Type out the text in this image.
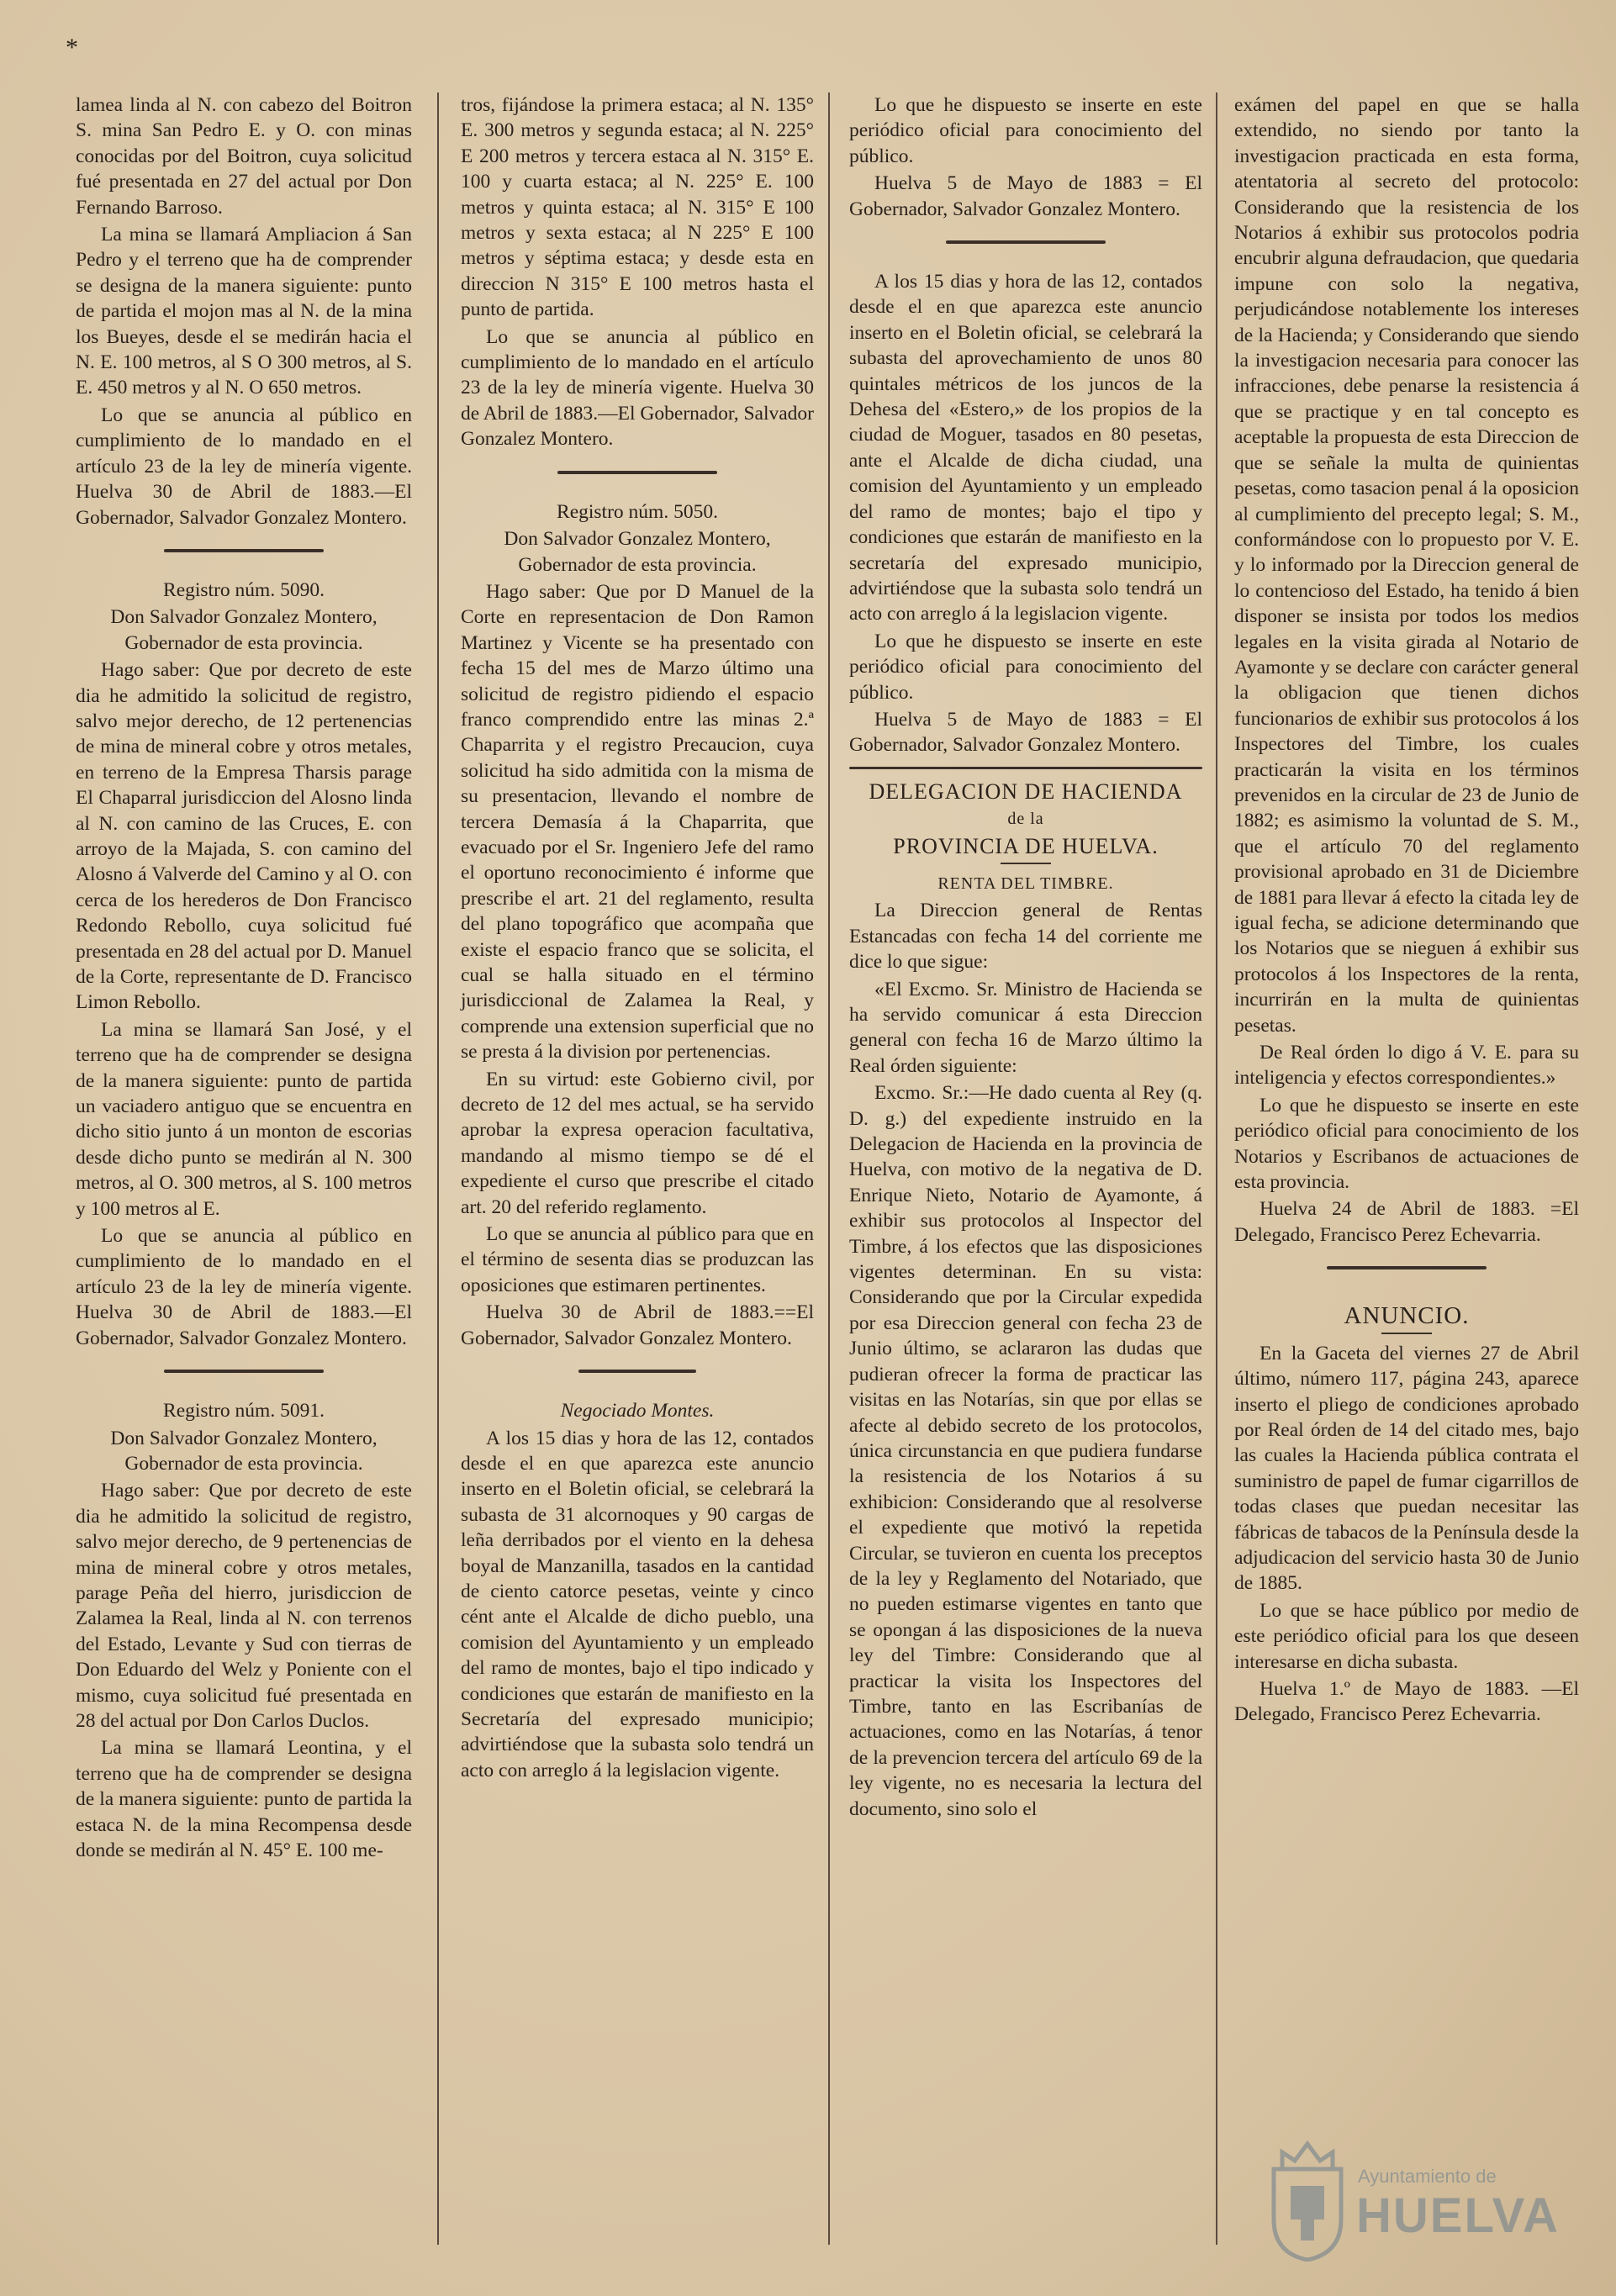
*

lamea linda al N. con cabezo del Boitron S. mina San Pedro E. y O. con minas conocidas por del Boitron, cuya solicitud fué presentada en 27 del actual por Don Fernando Barroso.

La mina se llamará Ampliacion á San Pedro y el terreno que ha de comprender se designa de la manera siguiente: punto de partida el mojon mas al N. de la mina los Bueyes, desde el se medirán hacia el N. E. 100 metros, al S O 300 metros, al S. E. 450 metros y al N. O 650 metros.

Lo que se anuncia al público en cumplimiento de lo mandado en el artículo 23 de la ley de minería vigente. Huelva 30 de Abril de 1883.—El Gobernador, Salvador Gonzalez Montero.

Registro núm. 5090.

Don Salvador Gonzalez Montero, Gobernador de esta provincia.

Hago saber: Que por decreto de este dia he admitido la solicitud de registro, salvo mejor derecho, de 12 pertenencias de mina de mineral cobre y otros metales, en terreno de la Empresa Tharsis parage El Chaparral jurisdiccion del Alosno linda al N. con camino de las Cruces, E. con arroyo de la Majada, S. con camino del Alosno á Valverde del Camino y al O. con cerca de los herederos de Don Francisco Redondo Rebollo, cuya solicitud fué presentada en 28 del actual por D. Manuel de la Corte, representante de D. Francisco Limon Rebollo.

La mina se llamará San José, y el terreno que ha de comprender se designa de la manera siguiente: punto de partida un vaciadero antiguo que se encuentra en dicho sitio junto á un monton de escorias desde dicho punto se medirán al N. 300 metros, al O. 300 metros, al S. 100 metros y 100 metros al E.

Lo que se anuncia al público en cumplimiento de lo mandado en el artículo 23 de la ley de minería vigente. Huelva 30 de Abril de 1883.—El Gobernador, Salvador Gonzalez Montero.

Registro núm. 5091.

Don Salvador Gonzalez Montero, Gobernador de esta provincia.

Hago saber: Que por decreto de este dia he admitido la solicitud de registro, salvo mejor derecho, de 9 pertenencias de mina de mineral cobre y otros metales, parage Peña del hierro, jurisdiccion de Zalamea la Real, linda al N. con terrenos del Estado, Levante y Sud con tierras de Don Eduardo del Welz y Poniente con el mismo, cuya solicitud fué presentada en 28 del actual por Don Carlos Duclos.

La mina se llamará Leontina, y el terreno que ha de comprender se designa de la manera siguiente: punto de partida la estaca N. de la mina Recompensa desde donde se medirán al N. 45° E. 100 me-

tros, fijándose la primera estaca; al N. 135° E. 300 metros y segunda estaca; al N. 225° E 200 metros y tercera estaca al N. 315° E. 100 y cuarta estaca; al N. 225° E. 100 metros y quinta estaca; al N. 315° E 100 metros y sexta estaca; al N 225° E 100 metros y séptima estaca; y desde esta en direccion N 315° E 100 metros hasta el punto de partida.

Lo que se anuncia al público en cumplimiento de lo mandado en el artículo 23 de la ley de minería vigente. Huelva 30 de Abril de 1883.—El Gobernador, Salvador Gonzalez Montero.

Registro núm. 5050.

Don Salvador Gonzalez Montero, Gobernador de esta provincia.

Hago saber: Que por D Manuel de la Corte en representacion de Don Ramon Martinez y Vicente se ha presentado con fecha 15 del mes de Marzo último una solicitud de registro pidiendo el espacio franco comprendido entre las minas 2.ª Chaparrita y el registro Precaucion, cuya solicitud ha sido admitida con la misma de su presentacion, llevando el nombre de tercera Demasía á la Chaparrita, que evacuado por el Sr. Ingeniero Jefe del ramo el oportuno reconocimiento é informe que prescribe el art. 21 del reglamento, resulta del plano topográfico que acompaña que existe el espacio franco que se solicita, el cual se halla situado en el término jurisdiccional de Zalamea la Real, y comprende una extension superficial que no se presta á la division por pertenencias.

En su virtud: este Gobierno civil, por decreto de 12 del mes actual, se ha servido aprobar la expresa operacion facultativa, mandando al mismo tiempo se dé el expediente el curso que prescribe el citado art. 20 del referido reglamento.

Lo que se anuncia al público para que en el término de sesenta dias se produzcan las oposiciones que estimaren pertinentes.

Huelva 30 de Abril de 1883.==El Gobernador, Salvador Gonzalez Montero.

Negociado Montes.

A los 15 dias y hora de las 12, contados desde el en que aparezca este anuncio inserto en el Boletin oficial, se celebrará la subasta de 31 alcornoques y 90 cargas de leña derribados por el viento en la dehesa boyal de Manzanilla, tasados en la cantidad de ciento catorce pesetas, veinte y cinco cént ante el Alcalde de dicho pueblo, una comision del Ayuntamiento y un empleado del ramo de montes, bajo el tipo indicado y condiciones que estarán de manifiesto en la Secretaría del expresado municipio; advirtiéndose que la subasta solo tendrá un acto con arreglo á la legislacion vigente.

Lo que he dispuesto se inserte en este periódico oficial para conocimiento del público.

Huelva 5 de Mayo de 1883 = El Gobernador, Salvador Gonzalez Montero.

A los 15 dias y hora de las 12, contados desde el en que aparezca este anuncio inserto en el Boletin oficial, se celebrará la subasta del aprovechamiento de unos 80 quintales métricos de los juncos de la Dehesa del «Estero,» de los propios de la ciudad de Moguer, tasados en 80 pesetas, ante el Alcalde de dicha ciudad, una comision del Ayuntamiento y un empleado del ramo de montes; bajo el tipo y condiciones que estarán de manifiesto en la secretaría del expresado municipio, advirtiéndose que la subasta solo tendrá un acto con arreglo á la legislacion vigente.

Lo que he dispuesto se inserte en este periódico oficial para conocimiento del público.

Huelva 5 de Mayo de 1883 = El Gobernador, Salvador Gonzalez Montero.

DELEGACION DE HACIENDA

de la

PROVINCIA DE HUELVA.

RENTA DEL TIMBRE.

La Direccion general de Rentas Estancadas con fecha 14 del corriente me dice lo que sigue:

«El Excmo. Sr. Ministro de Hacienda se ha servido comunicar á esta Direccion general con fecha 16 de Marzo último la Real órden siguiente:

Excmo. Sr.:—He dado cuenta al Rey (q. D. g.) del expediente instruido en la Delegacion de Hacienda en la provincia de Huelva, con motivo de la negativa de D. Enrique Nieto, Notario de Ayamonte, á exhibir sus protocolos al Inspector del Timbre, á los efectos que las disposiciones vigentes determinan. En su vista: Considerando que por la Circular expedida por esa Direccion general con fecha 23 de Junio último, se aclararon las dudas que pudieran ofrecer la forma de practicar las visitas en las Notarías, sin que por ellas se afecte al debido secreto de los protocolos, única circunstancia en que pudiera fundarse la resistencia de los Notarios á su exhibicion: Considerando que al resolverse el expediente que motivó la repetida Circular, se tuvieron en cuenta los preceptos de la ley y Reglamento del Notariado, que no pueden estimarse vigentes en tanto que se opongan á las disposiciones de la nueva ley del Timbre: Considerando que al practicar la visita los Inspectores del Timbre, tanto en las Escribanías de actuaciones, como en las Notarías, á tenor de la prevencion tercera del artículo 69 de la ley vigente, no es necesaria la lectura del documento, sino solo el

exámen del papel en que se halla extendido, no siendo por tanto la investigacion practicada en esta forma, atentatoria al secreto del protocolo: Considerando que la resistencia de los Notarios á exhibir sus protocolos podria encubrir alguna defraudacion, que quedaria impune con solo la negativa, perjudicándose notablemente los intereses de la Hacienda; y Considerando que siendo la investigacion necesaria para conocer las infracciones, debe penarse la resistencia á que se practique y en tal concepto es aceptable la propuesta de esta Direccion de que se señale la multa de quinientas pesetas, como tasacion penal á la oposicion al cumplimiento del precepto legal; S. M., conformándose con lo propuesto por V. E. y lo informado por la Direccion general de lo contencioso del Estado, ha tenido á bien disponer se insista por todos los medios legales en la visita girada al Notario de Ayamonte y se declare con carácter general la obligacion que tienen dichos funcionarios de exhibir sus protocolos á los Inspectores del Timbre, los cuales practicarán la visita en los términos prevenidos en la circular de 23 de Junio de 1882; es asimismo la voluntad de S. M., que el artículo 70 del reglamento provisional aprobado en 31 de Diciembre de 1881 para llevar á efecto la citada ley de igual fecha, se adicione determinando que los Notarios que se nieguen á exhibir sus protocolos á los Inspectores de la renta, incurrirán en la multa de quinientas pesetas.

De Real órden lo digo á V. E. para su inteligencia y efectos correspondientes.»

Lo que he dispuesto se inserte en este periódico oficial para conocimiento de los Notarios y Escribanos de actuaciones de esta provincia.

Huelva 24 de Abril de 1883. =El Delegado, Francisco Perez Echevarria.

ANUNCIO.

En la Gaceta del viernes 27 de Abril último, número 117, página 243, aparece inserto el pliego de condiciones aprobado por Real órden de 14 del citado mes, bajo las cuales la Hacienda pública contrata el suministro de papel de fumar cigarrillos de todas clases que puedan necesitar las fábricas de tabacos de la Península desde la adjudicacion del servicio hasta 30 de Junio de 1885.

Lo que se hace público por medio de este periódico oficial para los que deseen interesarse en dicha subasta.

Huelva 1.º de Mayo de 1883. —El Delegado, Francisco Perez Echevarria.

Ayuntamiento de
HUELVA
